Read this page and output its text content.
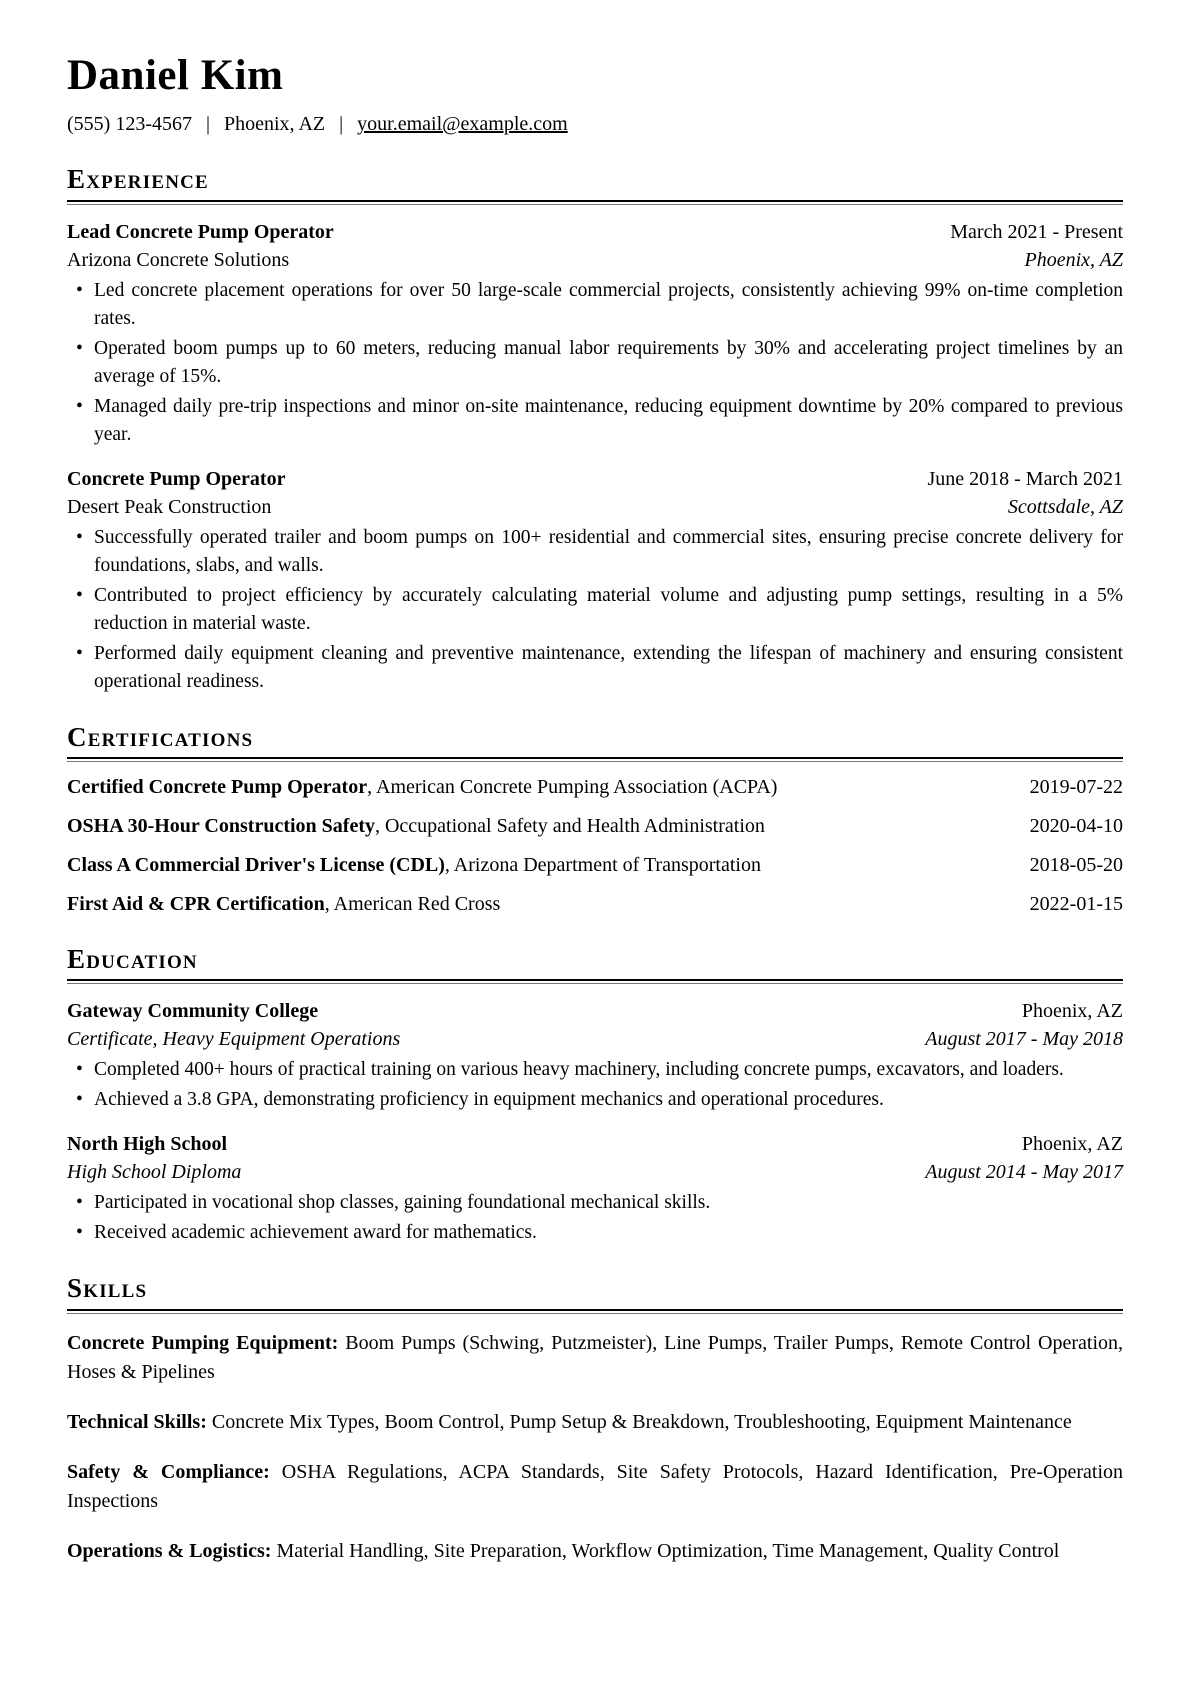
Daniel Kim
(555) 123-4567 | Phoenix, AZ | your.email@example.com
Experience
Lead Concrete Pump Operator	March 2021 - Present
Arizona Concrete Solutions	Phoenix, AZ
• Led concrete placement operations for over 50 large-scale commercial projects, consistently achieving 99% on-time completion rates.
• Operated boom pumps up to 60 meters, reducing manual labor requirements by 30% and accelerating project timelines by an average of 15%.
• Managed daily pre-trip inspections and minor on-site maintenance, reducing equipment downtime by 20% compared to previous year.
Concrete Pump Operator	June 2018 - March 2021
Desert Peak Construction	Scottsdale, AZ
• Successfully operated trailer and boom pumps on 100+ residential and commercial sites, ensuring precise concrete delivery for foundations, slabs, and walls.
• Contributed to project efficiency by accurately calculating material volume and adjusting pump settings, resulting in a 5% reduction in material waste.
• Performed daily equipment cleaning and preventive maintenance, extending the lifespan of machinery and ensuring consistent operational readiness.
Certifications
Certified Concrete Pump Operator, American Concrete Pumping Association (ACPA)	2019-07-22
OSHA 30-Hour Construction Safety, Occupational Safety and Health Administration	2020-04-10
Class A Commercial Driver's License (CDL), Arizona Department of Transportation	2018-05-20
First Aid & CPR Certification, American Red Cross	2022-01-15
Education
Gateway Community College	Phoenix, AZ
Certificate, Heavy Equipment Operations	August 2017 - May 2018
• Completed 400+ hours of practical training on various heavy machinery, including concrete pumps, excavators, and loaders.
• Achieved a 3.8 GPA, demonstrating proficiency in equipment mechanics and operational procedures.
North High School	Phoenix, AZ
High School Diploma	August 2014 - May 2017
• Participated in vocational shop classes, gaining foundational mechanical skills.
• Received academic achievement award for mathematics.
Skills

Concrete Pumping Equipment: Boom Pumps (Schwing, Putzmeister), Line Pumps, Trailer Pumps, Remote Control Operation, Hoses & Pipelines

Technical Skills: Concrete Mix Types, Boom Control, Pump Setup & Breakdown, Troubleshooting, Equipment Maintenance

Safety & Compliance: OSHA Regulations, ACPA Standards, Site Safety Protocols, Hazard Identification, Pre-Operation Inspections

Operations & Logistics: Material Handling, Site Preparation, Workflow Optimization, Time Management, Quality Control
